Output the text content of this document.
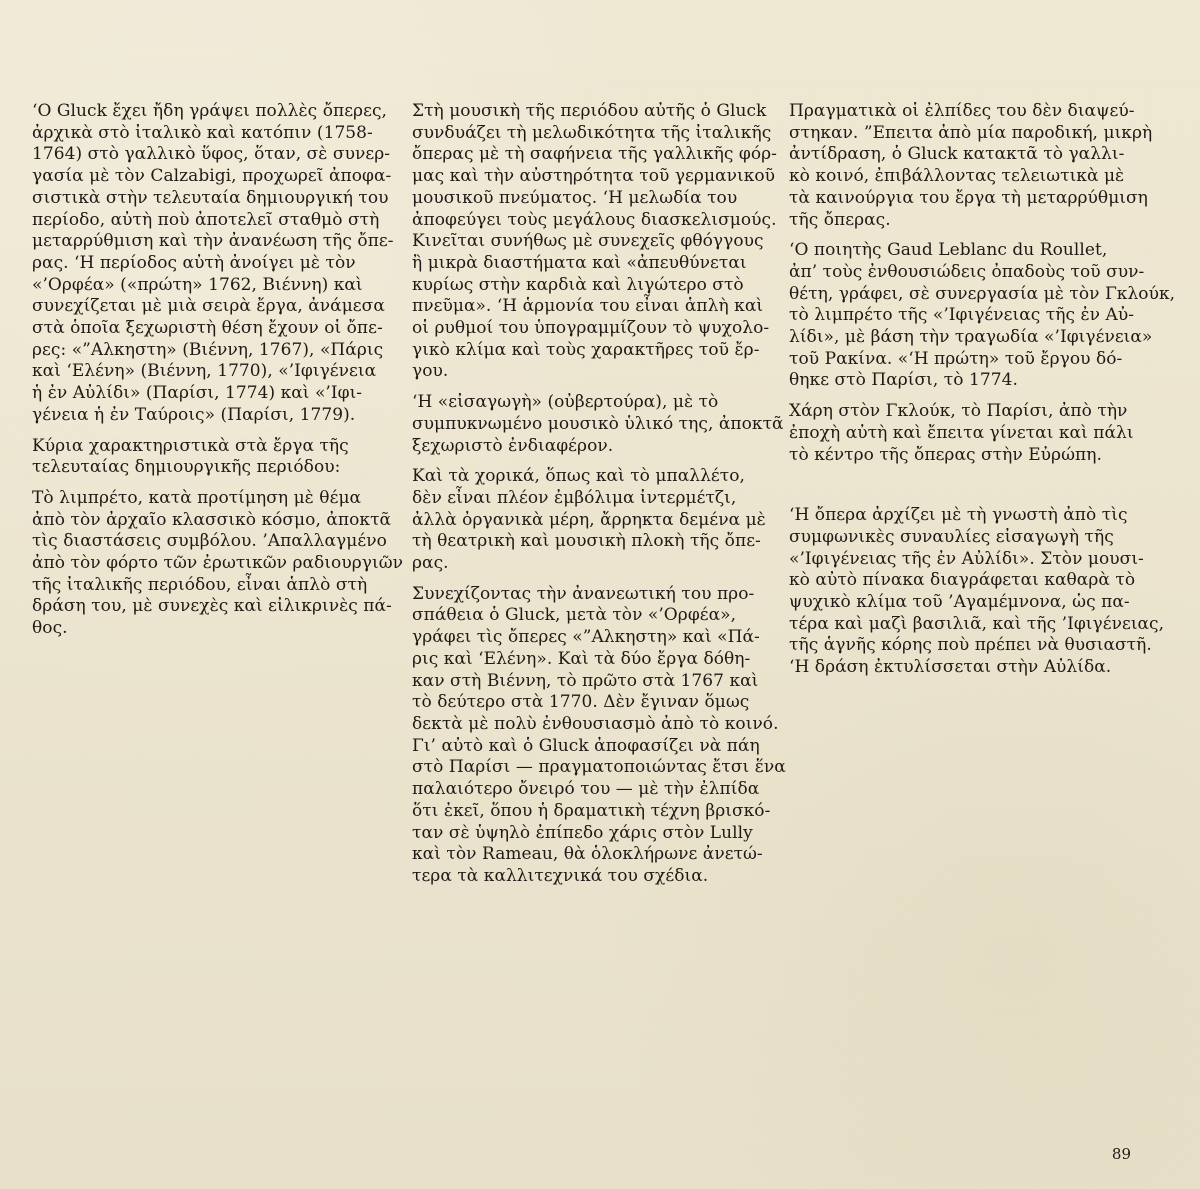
‘Ο Gluck ἔχει ἤδη γράψει πολλὲς ὄπερες,
ἀρχικὰ στὸ ἰταλικὸ καὶ κατόπιν (1758-
1764) στὸ γαλλικὸ ὕφος, ὅταν, σὲ συνερ-
γασία μὲ τὸν Calzabigi, προχωρεῖ ἀποφα-
σιστικὰ στὴν τελευταία δημιουργική του
περίοδο, αὐτὴ ποὺ ἀποτελεῖ σταθμὸ στὴ
μεταρρύθμιση καὶ τὴν ἀνανέωση τῆς ὄπε-
ρας. ‘Η περίοδος αὐτὴ ἀνοίγει μὲ τὸν
«’Ορφέα» («πρώτη» 1762, Βιέννη) καὶ
συνεχίζεται μὲ μιὰ σειρὰ ἔργα, ἀνάμεσα
στὰ ὁποῖα ξεχωριστὴ θέση ἔχουν οἱ ὄπε-
ρες: «”Αλκηστη» (Βιέννη, 1767), «Πάρις
καὶ ‘Ελένη» (Βιέννη, 1770), «’Ιφιγένεια
ἡ ἐν Αὐλίδι» (Παρίσι, 1774) καὶ «’Ιφι-
γένεια ἡ ἐν Ταύροις» (Παρίσι, 1779).
Κύρια χαρακτηριστικὰ στὰ ἔργα τῆς
τελευταίας δημιουργικῆς περιόδου:
Τὸ λιμπρέτο, κατὰ προτίμηση μὲ θέμα
ἀπὸ τὸν ἀρχαῖο κλασσικὸ κόσμο, ἀποκτᾶ
τὶς διαστάσεις συμβόλου. ’Απαλλαγμένο
ἀπὸ τὸν φόρτο τῶν ἐρωτικῶν ραδιουργιῶν
τῆς ἰταλικῆς περιόδου, εἶναι ἁπλὸ στὴ
δράση του, μὲ συνεχὲς καὶ εἰλικρινὲς πά-
θος.
Στὴ μουσικὴ τῆς περιόδου αὐτῆς ὁ Gluck
συνδυάζει τὴ μελωδικότητα τῆς ἰταλικῆς
ὄπερας μὲ τὴ σαφήνεια τῆς γαλλικῆς φόρ-
μας καὶ τὴν αὐστηρότητα τοῦ γερμανικοῦ
μουσικοῦ πνεύματος. ‘Η μελωδία του
ἀποφεύγει τοὺς μεγάλους διασκελισμούς.
Κινεῖται συνήθως μὲ συνεχεῖς φθόγγους
ἢ μικρὰ διαστήματα καὶ «ἀπευθύνεται
κυρίως στὴν καρδιὰ καὶ λιγώτερο στὸ
πνεῦμα». ‘Η ἁρμονία του εἶναι ἁπλὴ καὶ
οἱ ρυθμοί του ὑπογραμμίζουν τὸ ψυχολο-
γικὸ κλίμα καὶ τοὺς χαρακτῆρες τοῦ ἔρ-
γου.
‘Η «εἰσαγωγὴ» (οὐβερτούρα), μὲ τὸ
συμπυκνωμένο μουσικὸ ὑλικό της, ἀποκτᾶ
ξεχωριστὸ ἐνδιαφέρον.
Καὶ τὰ χορικά, ὅπως καὶ τὸ μπαλλέτο,
δὲν εἶναι πλέον ἐμβόλιμα ἰντερμέτζι,
ἀλλὰ ὀργανικὰ μέρη, ἄρρηκτα δεμένα μὲ
τὴ θεατρικὴ καὶ μουσικὴ πλοκὴ τῆς ὄπε-
ρας.
Συνεχίζοντας τὴν ἀνανεωτική του προ-
σπάθεια ὁ Gluck, μετὰ τὸν «’Ορφέα»,
γράφει τὶς ὄπερες «”Αλκηστη» καὶ «Πά-
ρις καὶ ‘Ελένη». Καὶ τὰ δύο ἔργα δόθη-
καν στὴ Βιέννη, τὸ πρῶτο στὰ 1767 καὶ
τὸ δεύτερο στὰ 1770. Δὲν ἔγιναν ὅμως
δεκτὰ μὲ πολὺ ἐνθουσιασμὸ ἀπὸ τὸ κοινό.
Γι’ αὐτὸ καὶ ὁ Gluck ἀποφασίζει νὰ πάη
στὸ Παρίσι — πραγματοποιώντας ἔτσι ἕνα
παλαιότερο ὄνειρό του — μὲ τὴν ἐλπίδα
ὅτι ἐκεῖ, ὅπου ἡ δραματικὴ τέχνη βρισκό-
ταν σὲ ὑψηλὸ ἐπίπεδο χάρις στὸν Lully
καὶ τὸν Rameau, θὰ ὁλοκλήρωνε ἀνετώ-
τερα τὰ καλλιτεχνικά του σχέδια.
Πραγματικὰ οἱ ἐλπίδες του δὲν διαψεύ-
στηκαν. ”Επειτα ἀπὸ μία παροδική, μικρὴ
ἀντίδραση, ὁ Gluck κατακτᾶ τὸ γαλλι-
κὸ κοινό, ἐπιβάλλοντας τελειωτικὰ μὲ
τὰ καινούργια του ἔργα τὴ μεταρρύθμιση
τῆς ὄπερας.
‘Ο ποιητὴς Gaud Leblanc du Roullet,
ἀπ’ τοὺς ἐνθουσιώδεις ὀπαδοὺς τοῦ συν-
θέτη, γράφει, σὲ συνεργασία μὲ τὸν Γκλούκ,
τὸ λιμπρέτο τῆς «’Ιφιγένειας τῆς ἐν Αὐ-
λίδι», μὲ βάση τὴν τραγωδία «’Ιφιγένεια»
τοῦ Ρακίνα. «‘Η πρώτη» τοῦ ἔργου δό-
θηκε στὸ Παρίσι, τὸ 1774.
Χάρη στὸν Γκλούκ, τὸ Παρίσι, ἀπὸ τὴν
ἐποχὴ αὐτὴ καὶ ἔπειτα γίνεται καὶ πάλι
τὸ κέντρο τῆς ὄπερας στὴν Εὐρώπη.
‘Η ὄπερα ἀρχίζει μὲ τὴ γνωστὴ ἀπὸ τὶς
συμφωνικὲς συναυλίες εἰσαγωγὴ τῆς
«’Ιφιγένειας τῆς ἐν Αὐλίδι». Στὸν μουσι-
κὸ αὐτὸ πίνακα διαγράφεται καθαρὰ τὸ
ψυχικὸ κλίμα τοῦ ’Αγαμέμνονα, ὡς πα-
τέρα καὶ μαζὶ βασιλιᾶ, καὶ τῆς ’Ιφιγένειας,
τῆς ἁγνῆς κόρης ποὺ πρέπει νὰ θυσιαστῆ.
‘Η δράση ἐκτυλίσσεται στὴν Αὐλίδα.
89
